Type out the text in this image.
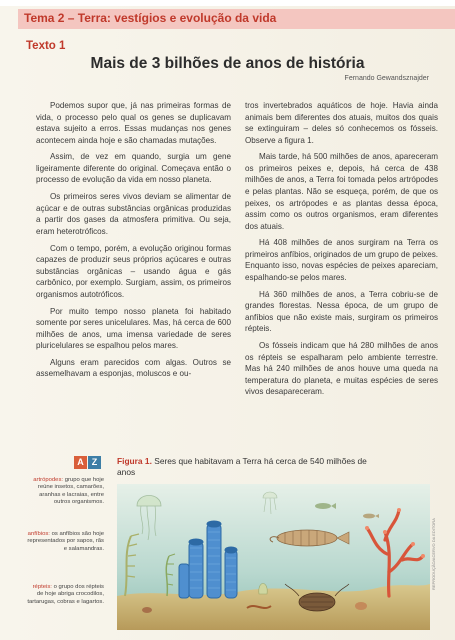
Tema 2 – Terra: vestígios e evolução da vida
Texto 1
Mais de 3 bilhões de anos de história
Fernando Gewandsznajder

Podemos supor que, já nas primeiras formas de vida, o processo pelo qual os genes se duplicavam estava sujeito a erros. Essas mudanças nos genes acontecem ainda hoje e são chamadas mutações.

Assim, de vez em quando, surgia um gene ligeiramente diferente do original. Começava então o processo de evolução da vida em nosso planeta.

Os primeiros seres vivos deviam se alimentar de açúcar e de outras substâncias orgânicas produzidas a partir dos gases da atmosfera primitiva. Ou seja, eram heterotróficos.

Com o tempo, porém, a evolução originou formas capazes de produzir seus próprios açúcares e outras substâncias orgânicas – usando água e gás carbônico, por exemplo. Surgiam, assim, os primeiros organismos autotróficos.

Por muito tempo nosso planeta foi habitado somente por seres unicelulares. Mas, há cerca de 600 milhões de anos, uma imensa variedade de seres pluricelulares se espalhou pelos mares.

Alguns eram parecidos com algas. Outros se assemelhavam a esponjas, moluscos e ou-

tros invertebrados aquáticos de hoje. Havia ainda animais bem diferentes dos atuais, muitos dos quais se extinguiram – deles só conhecemos os fósseis. Observe a figura 1.

Mais tarde, há 500 milhões de anos, apareceram os primeiros peixes e, depois, há cerca de 438 milhões de anos, a Terra foi tomada pelos artrópodes e pelas plantas. Não se esqueça, porém, de que os peixes, os artrópodes e as plantas dessa época, assim como os outros organismos, eram diferentes dos atuais.

Há 408 milhões de anos surgiram na Terra os primeiros anfíbios, originados de um grupo de peixes. Enquanto isso, novas espécies de peixes apareciam, espalhando-se pelos mares.

Há 360 milhões de anos, a Terra cobriu-se de grandes florestas. Nessa época, de um grupo de anfíbios que não existe mais, surgiram os primeiros répteis.

Os fósseis indicam que há 280 milhões de anos os répteis se espalharam pelo ambiente terrestre. Mas há 240 milhões de anos houve uma queda na temperatura do planeta, e muitas espécies de seres vivos desapareceram.

A Z
artrópodes: grupo que hoje reúne insetos, camarões, aranhas e lacraias, entre outros organismos.
anfíbios: os anfíbios são hoje representados por sapos, rãs e salamandras.
répteis: o grupo dos répteis de hoje abriga crocodilos, tartarugas, cobras e lagartos.
Figura 1. Seres que habitavam a Terra há cerca de 540 milhões de anos
REPRODUÇÃO/ACERVO DA EDITORA
